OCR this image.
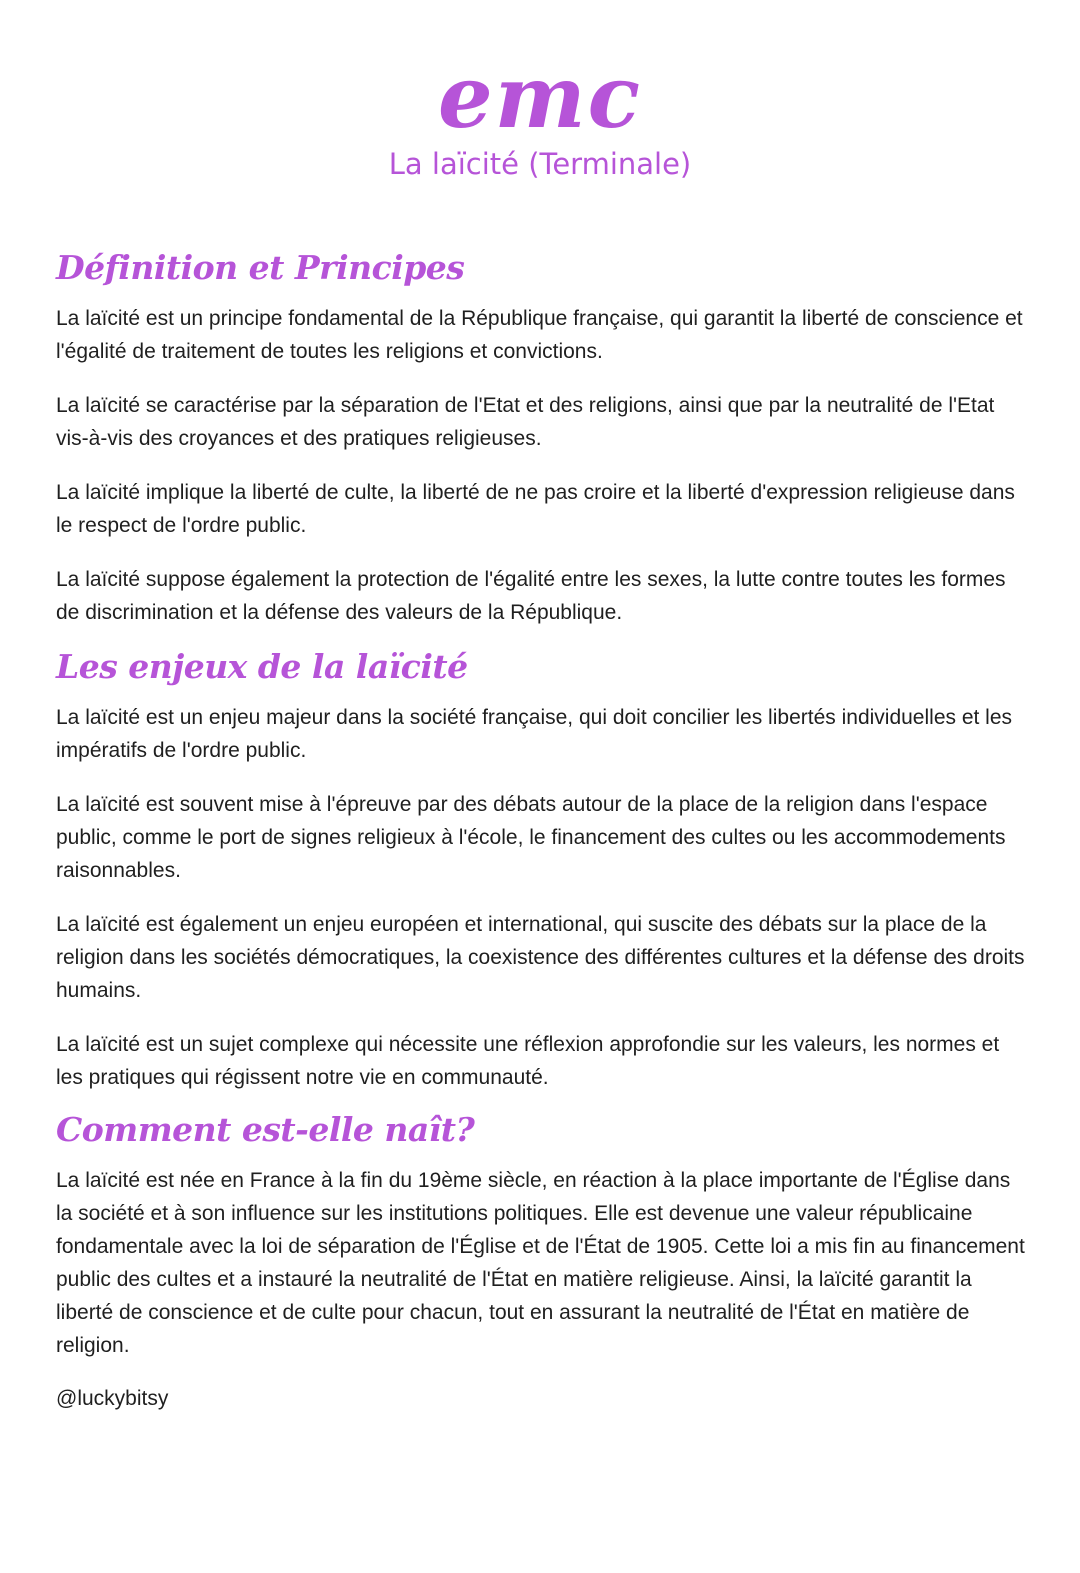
emc
La laïcité (Terminale)
Définition et Principes

La laïcité est un principe fondamental de la République française, qui garantit la liberté de conscience et l'égalité de traitement de toutes les religions et convictions.

La laïcité se caractérise par la séparation de l'Etat et des religions, ainsi que par la neutralité de l'Etat vis-à-vis des croyances et des pratiques religieuses.

La laïcité implique la liberté de culte, la liberté de ne pas croire et la liberté d'expression religieuse dans le respect de l'ordre public.

La laïcité suppose également la protection de l'égalité entre les sexes, la lutte contre toutes les formes de discrimination et la défense des valeurs de la République.

Les enjeux de la laïcité

La laïcité est un enjeu majeur dans la société française, qui doit concilier les libertés individuelles et les impératifs de l'ordre public.

La laïcité est souvent mise à l'épreuve par des débats autour de la place de la religion dans l'espace public, comme le port de signes religieux à l'école, le financement des cultes ou les accommodements raisonnables.

La laïcité est également un enjeu européen et international, qui suscite des débats sur la place de la religion dans les sociétés démocratiques, la coexistence des différentes cultures et la défense des droits humains.

La laïcité est un sujet complexe qui nécessite une réflexion approfondie sur les valeurs, les normes et les pratiques qui régissent notre vie en communauté.

Comment est-elle naît?

La laïcité est née en France à la fin du 19ème siècle, en réaction à la place importante de l'Église dans la société et à son influence sur les institutions politiques. Elle est devenue une valeur républicaine fondamentale avec la loi de séparation de l'Église et de l'État de 1905. Cette loi a mis fin au financement public des cultes et a instauré la neutralité de l'État en matière religieuse. Ainsi, la laïcité garantit la liberté de conscience et de culte pour chacun, tout en assurant la neutralité de l'État en matière de religion.

@luckybitsy
